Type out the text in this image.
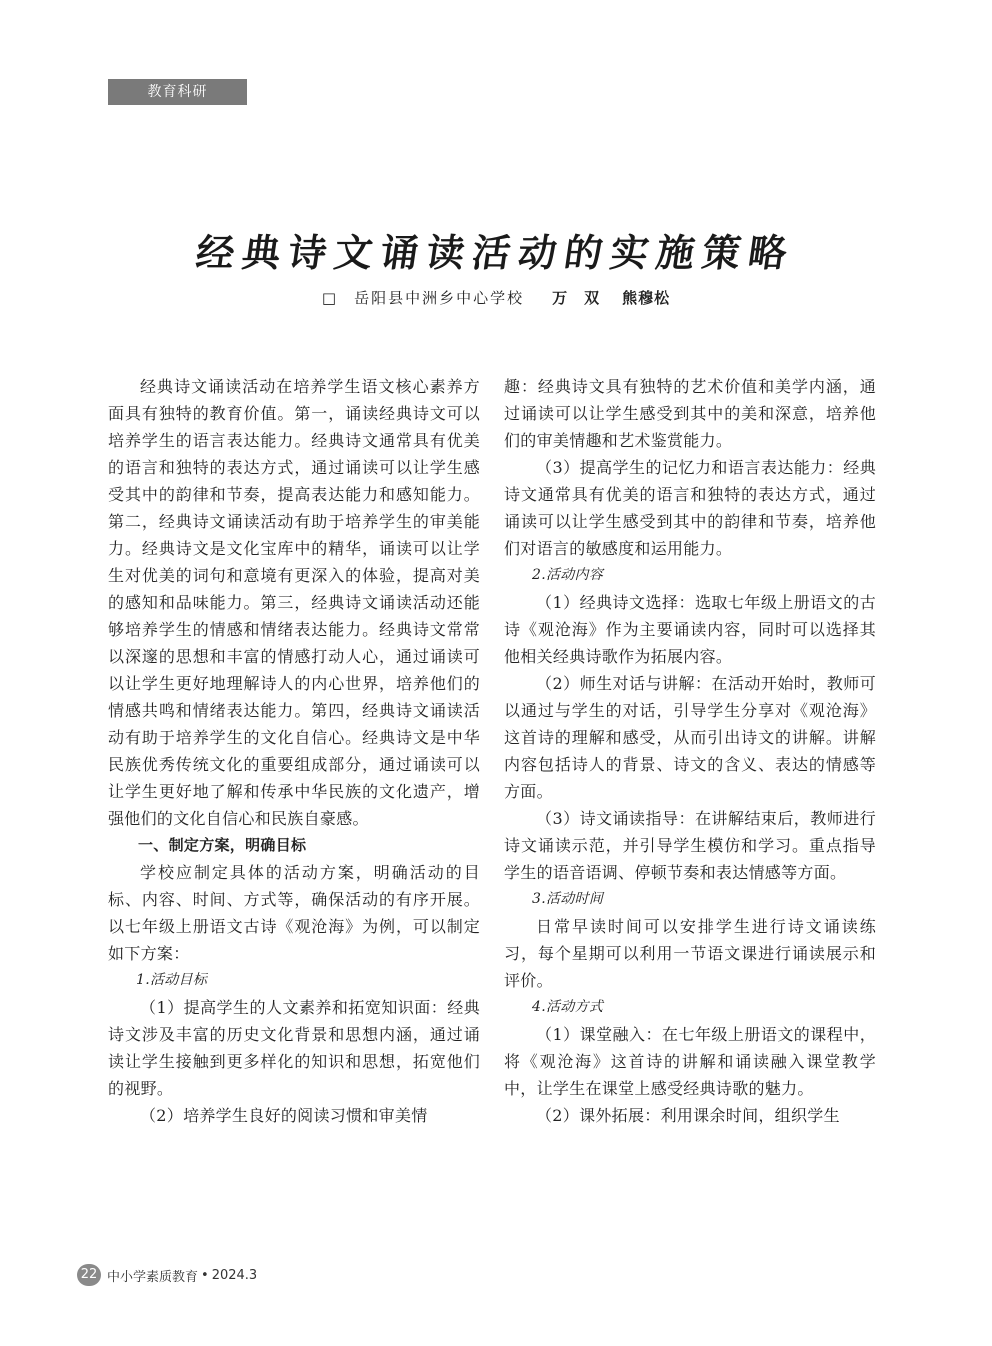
教育科研
经典诗文诵读活动的实施策略
□ 岳阳县中洲乡中心学校 万　双 熊穆松

经典诗文诵读活动在培养学生语文核心素养方面具有独特的教育价值。第一，诵读经典诗文可以培养学生的语言表达能力。经典诗文通常具有优美的语言和独特的表达方式，通过诵读可以让学生感受其中的韵律和节奏，提高表达能力和感知能力。第二，经典诗文诵读活动有助于培养学生的审美能力。经典诗文是文化宝库中的精华，诵读可以让学生对优美的词句和意境有更深入的体验，提高对美的感知和品味能力。第三，经典诗文诵读活动还能够培养学生的情感和情绪表达能力。经典诗文常常以深邃的思想和丰富的情感打动人心，通过诵读可以让学生更好地理解诗人的内心世界，培养他们的情感共鸣和情绪表达能力。第四，经典诗文诵读活动有助于培养学生的文化自信心。经典诗文是中华民族优秀传统文化的重要组成部分，通过诵读可以让学生更好地了解和传承中华民族的文化遗产，增强他们的文化自信心和民族自豪感。

一、制定方案，明确目标

学校应制定具体的活动方案，明确活动的目标、内容、时间、方式等，确保活动的有序开展。以七年级上册语文古诗《观沧海》为例，可以制定如下方案：

1.活动目标

（1）提高学生的人文素养和拓宽知识面：经典诗文涉及丰富的历史文化背景和思想内涵，通过诵读让学生接触到更多样化的知识和思想，拓宽他们的视野。

（2）培养学生良好的阅读习惯和审美情

趣：经典诗文具有独特的艺术价值和美学内涵，通过诵读可以让学生感受到其中的美和深意，培养他们的审美情趣和艺术鉴赏能力。

（3）提高学生的记忆力和语言表达能力：经典诗文通常具有优美的语言和独特的表达方式，通过诵读可以让学生感受到其中的韵律和节奏，培养他们对语言的敏感度和运用能力。

2.活动内容

（1）经典诗文选择：选取七年级上册语文的古诗《观沧海》作为主要诵读内容，同时可以选择其他相关经典诗歌作为拓展内容。

（2）师生对话与讲解：在活动开始时，教师可以通过与学生的对话，引导学生分享对《观沧海》这首诗的理解和感受，从而引出诗文的讲解。讲解内容包括诗人的背景、诗文的含义、表达的情感等方面。

（3）诗文诵读指导：在讲解结束后，教师进行诗文诵读示范，并引导学生模仿和学习。重点指导学生的语音语调、停顿节奏和表达情感等方面。

3.活动时间

日常早读时间可以安排学生进行诗文诵读练习，每个星期可以利用一节语文课进行诵读展示和评价。

4.活动方式

（1）课堂融入：在七年级上册语文的课程中，将《观沧海》这首诗的讲解和诵读融入课堂教学中，让学生在课堂上感受经典诗歌的魅力。

（2）课外拓展：利用课余时间，组织学生

22 中小学素质教育 • 2024.3
